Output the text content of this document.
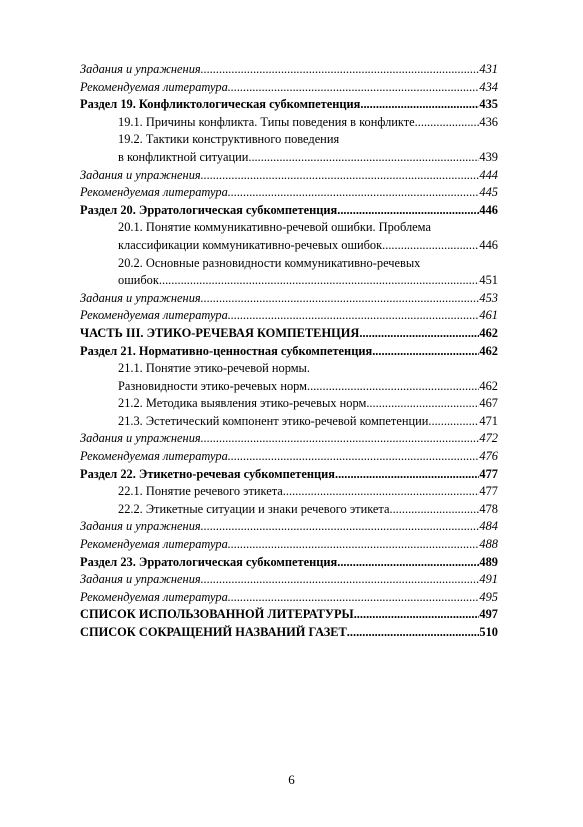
Задания и упражнения .....	431
Рекомендуемая литература .....	434
Раздел 19. Конфликтологическая субкомпетенция .....	435
19.1. Причины конфликта. Типы поведения в конфликте .....	436
19.2. Тактики конструктивного поведения
в конфликтной ситуации .....	439
Задания и упражнения .....	444
Рекомендуемая литература .....	445
Раздел 20. Эрратологическая субкомпетенция .....	446
20.1. Понятие коммуникативно-речевой ошибки. Проблема
классификации коммуникативно-речевых ошибок .....	446
20.2. Основные разновидности коммуникативно-речевых
ошибок .....	451
Задания и упражнения .....	453
Рекомендуемая литература .....	461
ЧАСТЬ III. ЭТИКО-РЕЧЕВАЯ КОМПЕТЕНЦИЯ .....	462
Раздел 21. Нормативно-ценностная субкомпетенция .....	462
21.1. Понятие этико-речевой нормы.
Разновидности этико-речевых норм .....	462
21.2. Методика выявления этико-речевых норм .....	467
21.3. Эстетический компонент этико-речевой компетенции .....	471
Задания и упражнения .....	472
Рекомендуемая литература .....	476
Раздел 22. Этикетно-речевая субкомпетенция .....	477
22.1. Понятие речевого этикета .....	477
22.2. Этикетные ситуации и знаки речевого этикета .....	478
Задания и упражнения .....	484
Рекомендуемая литература .....	488
Раздел 23. Эрратологическая субкомпетенция .....	489
Задания и упражнения .....	491
Рекомендуемая литература .....	495
СПИСОК ИСПОЛЬЗОВАННОЙ ЛИТЕРАТУРЫ .....	497
СПИСОК СОКРАЩЕНИЙ НАЗВАНИЙ ГАЗЕТ .....	510
6
